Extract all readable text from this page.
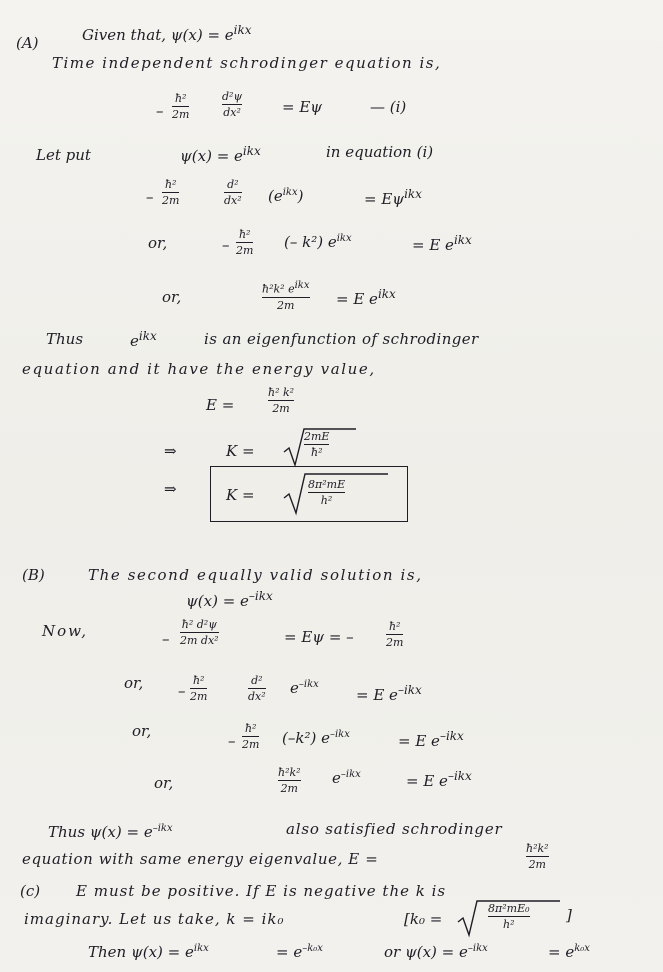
(A)	Given that, $\psi(x) = e^{ikx}$
Time independent schrodinger equation is,
–
ħ²
2m
d²ψ
dx²	= Eψ	— (i)
Let put	$\psi(x) = e^{ikx}$	in equation (i)
–
ħ²
2m
d²
dx² $(e^{ikx})$	= $E\psi^{ikx}$
or,	–
ħ²
2m (– k²) $e^{ikx}$	= E $e^{ikx}$
or,	ħ²k² $e^{ikx}$
2m	= E $e^{ikx}$
Thus	$e^{ikx}$	is an eigenfunction of schrodinger
equation and it have the energy value,
E =
ħ² k²
2m
⇒	K =
2mE
ħ²
⇒	K =
8π²mE
h²
(B)	The second equally valid solution is,
$\psi(x) = e^{-ikx}$
Now,	–
ħ² d²ψ
2m dx²	= Eψ = –
ħ²
2m
or, –
ħ²
2m
d²
dx² $e^{-ikx}$
= E $e^{-ikx}$
or,
–
ħ²
2m (–k²) $e^{-ikx}$	= E $e^{-ikx}$
or,
ħ²k²
2m
$e^{-ikx}$	= E $e^{-ikx}$
Thus $\psi(x) = e^{-ikx}$	also satisfied schrodinger
equation with same energy eigenvalue, E =
ħ²k²
2m
(c) E must be positive. If E is negative the k is
imaginary. Let us take, k = ik₀	[k₀ =
8π²mE₀
h²
]
Then $\psi(x) = e^{ikx}$	= $e^{-k_0x}$	or $\psi(x) = e^{-ikx}$	= $e^{k_0x}$
